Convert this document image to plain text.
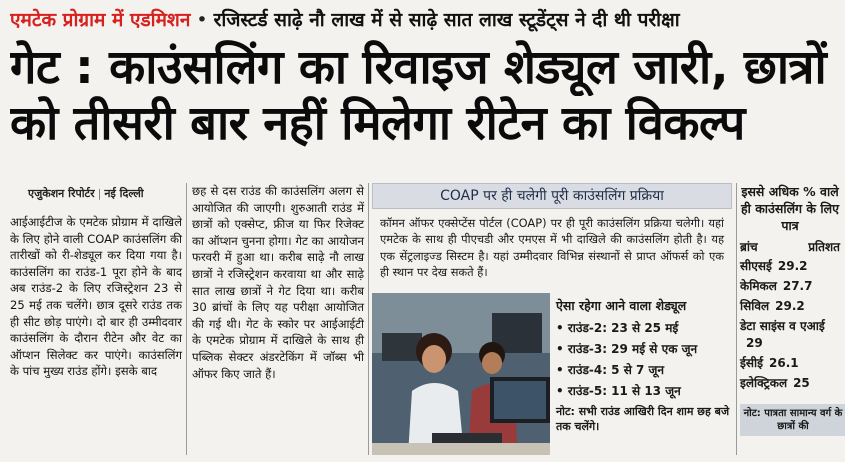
एमटेक प्रोग्राम में एडमिशन • रजिस्टर्ड साढ़े नौ लाख में से साढ़े सात लाख स्टूडेंट्स ने दी थी परीक्षा
गेट : काउंसलिंग का रिवाइज शेड्यूल जारी, छात्रों
को तीसरी बार नहीं मिलेगा रीटेन का विकल्प
एजुकेशन रिपोर्टर | नई दिल्ली
आईआईटीज के एमटेक प्रोग्राम में दाखिले के लिए होने वाली COAP काउंसलिंग की तारीखों को री-शेड्यूल कर दिया गया है। काउंसलिंग का राउंड-1 पूरा होने के बाद अब राउंड-2 के लिए रजिस्ट्रेशन 23 से 25 मई तक चलेंगे। छात्र दूसरे राउंड तक ही सीट छोड़ पाएंगे। दो बार ही उम्मीदवार काउंसलिंग के दौरान रीटेन और वेट का ऑप्शन सिलेक्ट कर पाएंगे। काउंसलिंग के पांच मुख्य राउंड होंगे। इसके बाद
छह से दस राउंड की काउंसलिंग अलग से आयोजित की जाएगी। शुरुआती राउंड में छात्रों को एक्सेप्ट, फ्रीज या फिर रिजेक्ट का ऑप्शन चुनना होगा। गेट का आयोजन फरवरी में हुआ था। करीब साढ़े नौ लाख छात्रों ने रजिस्ट्रेशन करवाया था और साढ़े सात लाख छात्रों ने गेट दिया था। करीब 30 ब्रांचों के लिए यह परीक्षा आयोजित की गई थी। गेट के स्कोर पर आईआईटी के एमटेक प्रोग्राम में दाखिले के साथ ही पब्लिक सेक्टर अंडरटेकिंग में जॉब्स भी ऑफर किए जाते हैं।
COAP पर ही चलेगी पूरी काउंसलिंग प्रक्रिया
कॉमन ऑफर एक्सेप्टेंस पोर्टल (COAP) पर ही पूरी काउंसलिंग प्रक्रिया चलेगी। यहां एमटेक के साथ ही पीएचडी और एमएस में भी दाखिले की काउंसलिंग होती है। यह एक सेंट्रलाइज्ड सिस्टम है। यहां उम्मीदवार विभिन्न संस्थानों से प्राप्त ऑफर्स को एक ही स्थान पर देख सकते हैं।
ऐसा रहेगा आने वाला शेड्यूल
• राउंड-2: 23 से 25 मई
• राउंड-3: 29 मई से एक जून
• राउंड-4: 5 से 7 जून
• राउंड-5: 11 से 13 जून
नोट: सभी राउंड आखिरी दिन शाम छह बजे तक चलेंगे।
इससे अधिक % वाले ही काउंसलिंग के लिए पात्र
ब्रांच	प्रतिशत
सीएसई 29.2
केमिकल 27.7
सिविल 29.2
डेटा साइंस व एआई29
ईसीई 26.1
इलेक्ट्रिकल 25
नोट: पात्रता सामान्य वर्ग के छात्रों की
